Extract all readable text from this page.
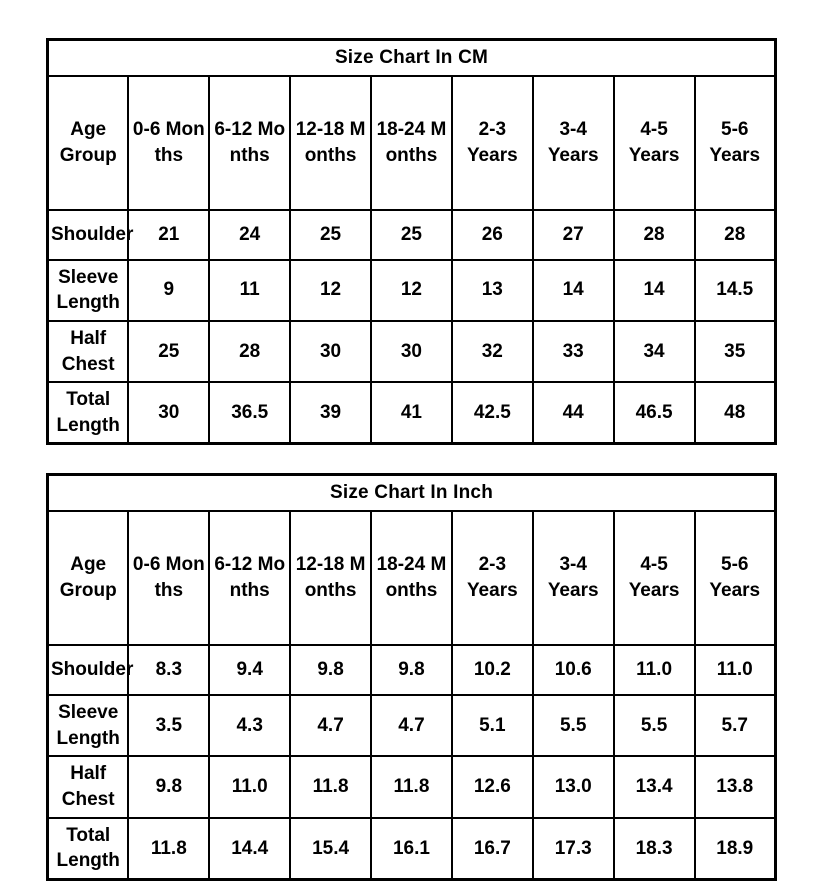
Size Chart In CM								
Age Group	0-6 Months	6-12 Months	12-18 Months	18-24 Months	2-3 Years	3-4 Years	4-5 Years	5-6 Years
Shoulder	21	24	25	25	26	27	28	28
Sleeve Length	9	11	12	12	13	14	14	14.5
Half Chest	25	28	30	30	32	33	34	35
Total Length	30	36.5	39	41	42.5	44	46.5	48
Size Chart In Inch								
Age Group	0-6 Months	6-12 Months	12-18 Months	18-24 Months	2-3 Years	3-4 Years	4-5 Years	5-6 Years
Shoulder	8.3	9.4	9.8	9.8	10.2	10.6	11.0	11.0
Sleeve Length	3.5	4.3	4.7	4.7	5.1	5.5	5.5	5.7
Half Chest	9.8	11.0	11.8	11.8	12.6	13.0	13.4	13.8
Total Length	11.8	14.4	15.4	16.1	16.7	17.3	18.3	18.9
